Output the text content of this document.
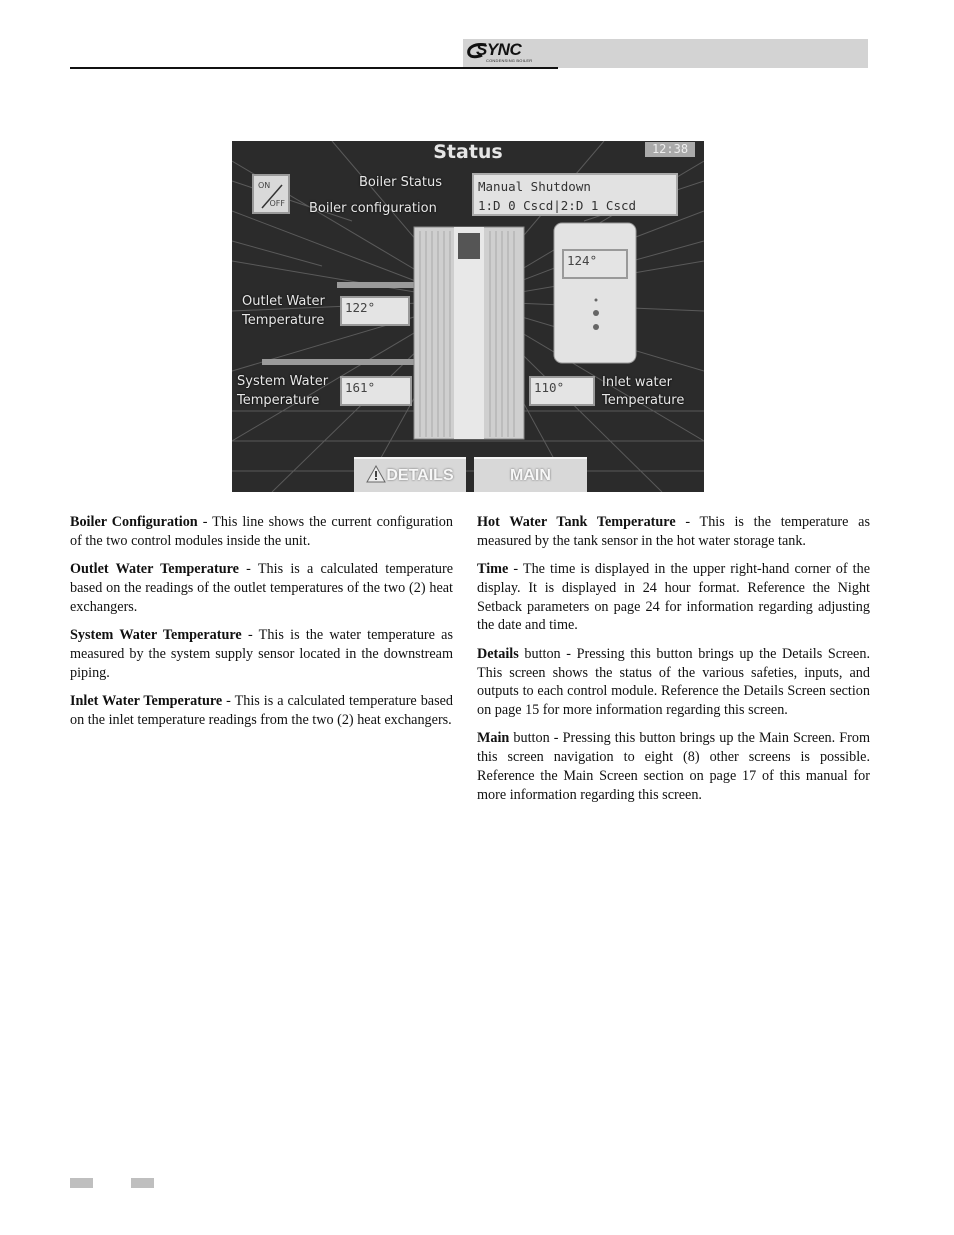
SYNC
CONDENSING BOILER
Status	12:38
ON
OFF
Boiler Status
Boiler configuration
Manual Shutdown
1:D 0 Cscd|2:D 1 Cscd
124°
Outlet Water
Temperature
122°
System Water
Temperature
161°	110°	Inlet water
Temperature
DETAILS	MAIN

Boiler Configuration - This line shows the current configuration of the two control modules inside the unit.

Outlet Water Temperature - This is a calculated temperature based on the readings of the outlet temperatures of the two (2) heat exchangers.

System Water Temperature - This is the water temperature as measured by the system supply sensor located in the downstream piping.

Inlet Water Temperature - This is a calculated temperature based on the inlet temperature readings from the two (2) heat exchangers.

Hot Water Tank Temperature - This is the temperature as measured by the tank sensor in the hot water storage tank.

Time - The time is displayed in the upper right-hand corner of the display. It is displayed in 24 hour format. Reference the Night Setback parameters on page 24 for information regarding adjusting the date and time.

Details button - Pressing this button brings up the Details Screen. This screen shows the status of the various safeties, inputs, and outputs to each control module. Reference the Details Screen section on page 15 for more information regarding this screen.

Main button - Pressing this button brings up the Main Screen. From this screen navigation to eight (8) other screens is possible. Reference the Main Screen section on page 17 of this manual for more information regarding this screen.
